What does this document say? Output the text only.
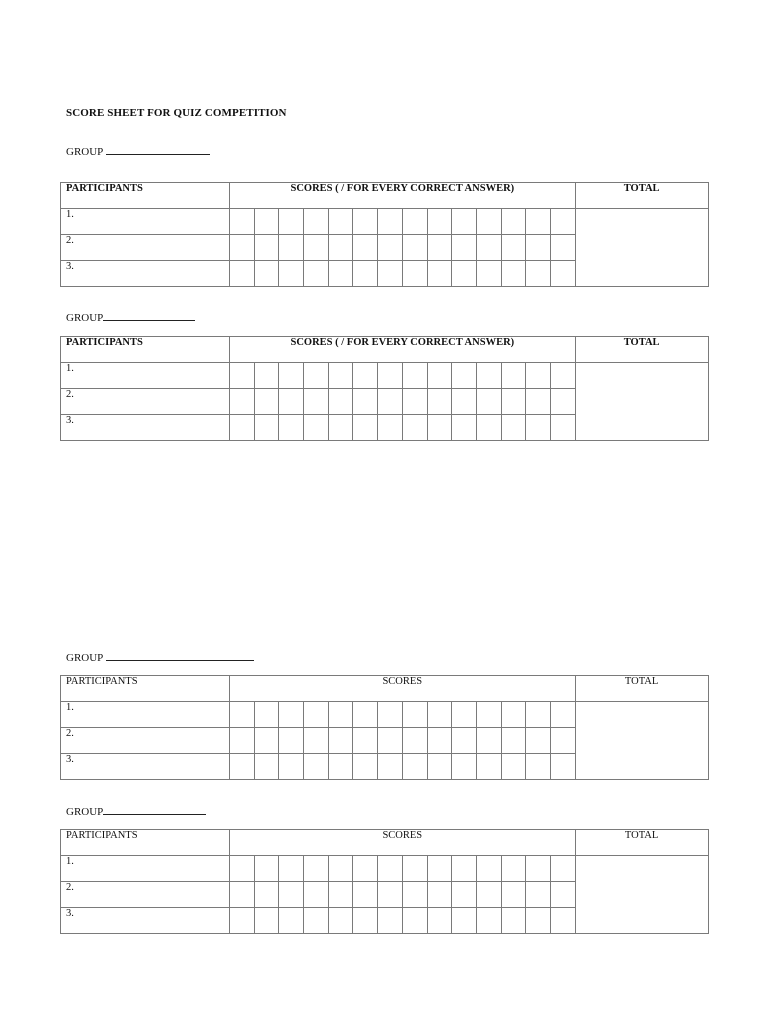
SCORE SHEET FOR QUIZ COMPETITION
GROUP
PARTICIPANTS	SCORES ( / FOR EVERY CORRECT ANSWER)														TOTAL
1.															
2.															
3.															
GROUP
PARTICIPANTS	SCORES ( / FOR EVERY CORRECT ANSWER)														TOTAL
1.															
2.															
3.															
GROUP
PARTICIPANTS	SCORES														TOTAL
1.															
2.															
3.															
GROUP
PARTICIPANTS	SCORES														TOTAL
1.															
2.															
3.															
